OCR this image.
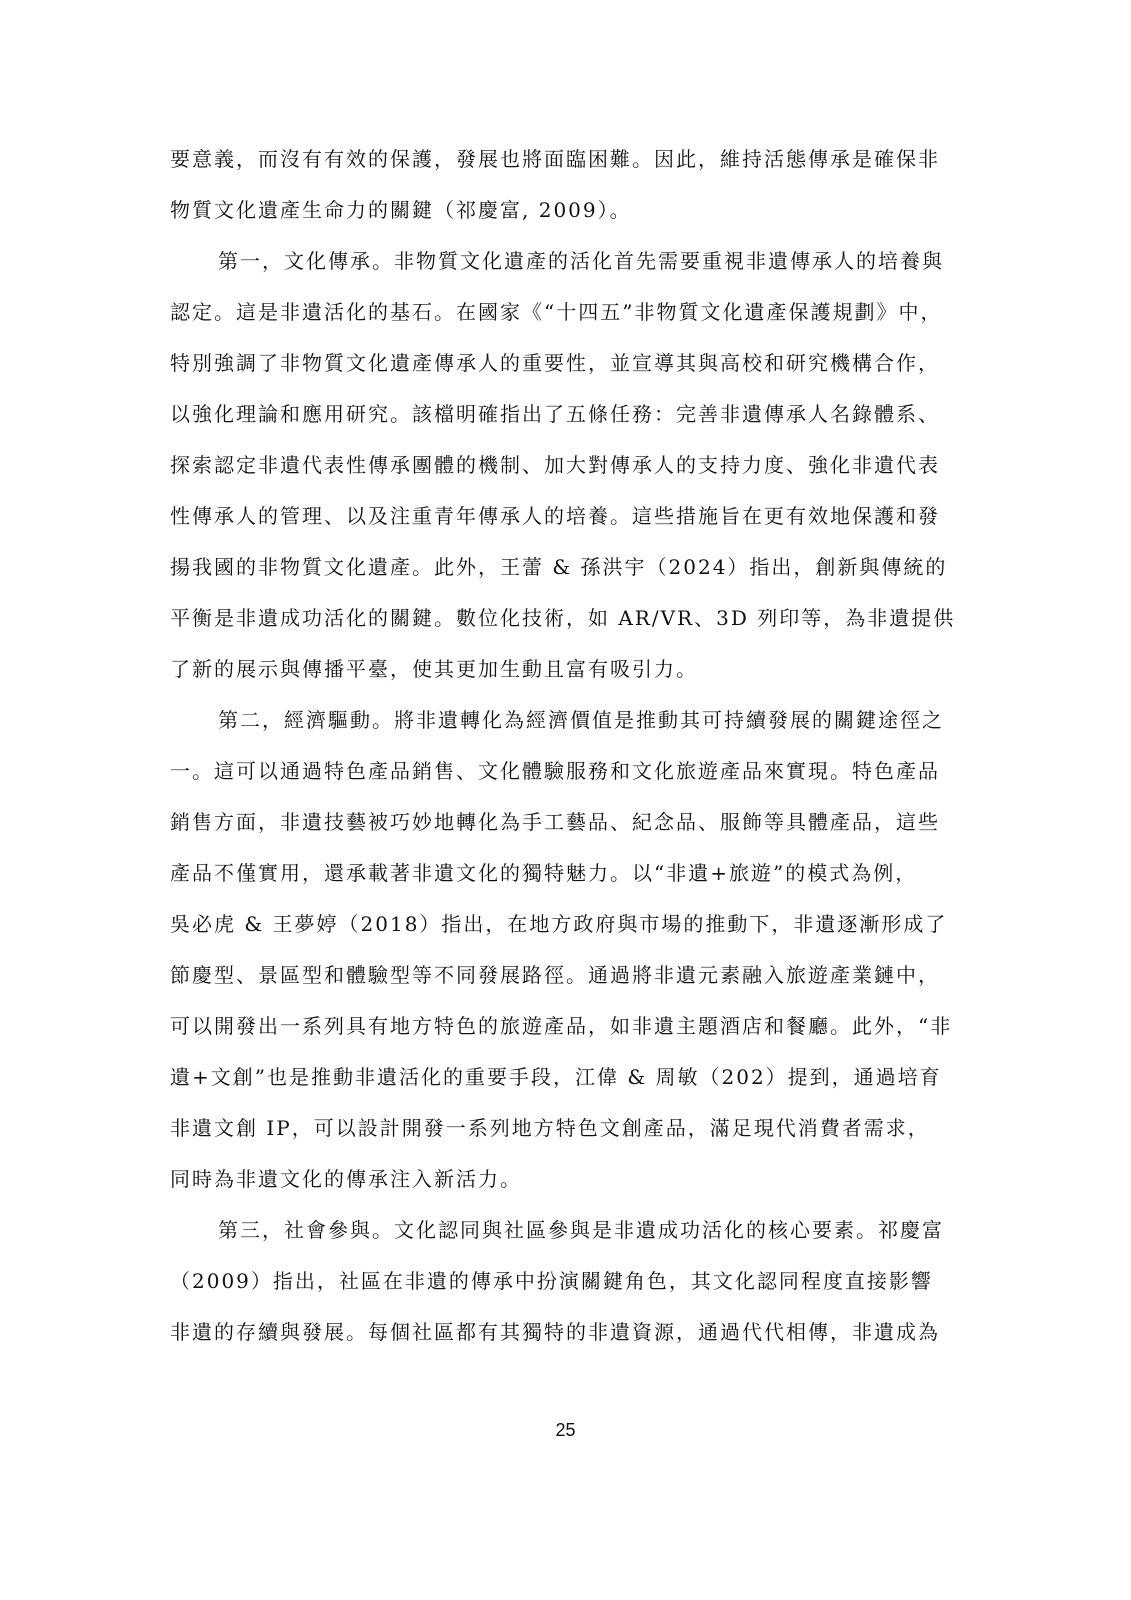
要意義，而沒有有效的保護，發展也將面臨困難。因此，維持活態傳承是確保非
物質文化遺產生命力的關鍵（祁慶富, 2009）。
第一，文化傳承。非物質文化遺產的活化首先需要重視非遺傳承人的培養與
認定。這是非遺活化的基石。在國家《“十四五”非物質文化遺產保護規劃》中，
特別強調了非物質文化遺產傳承人的重要性，並宣導其與高校和研究機構合作，
以強化理論和應用研究。該檔明確指出了五條任務：完善非遺傳承人名錄體系、
探索認定非遺代表性傳承團體的機制、加大對傳承人的支持力度、強化非遺代表
性傳承人的管理、以及注重青年傳承人的培養。這些措施旨在更有效地保護和發
揚我國的非物質文化遺產。此外，王蕾 & 孫洪宇（2024）指出，創新與傳統的
平衡是非遺成功活化的關鍵。數位化技術，如 AR/VR、3D 列印等，為非遺提供
了新的展示與傳播平臺，使其更加生動且富有吸引力。
第二，經濟驅動。將非遺轉化為經濟價值是推動其可持續發展的關鍵途徑之
一。這可以通過特色產品銷售、文化體驗服務和文化旅遊產品來實現。特色產品
銷售方面，非遺技藝被巧妙地轉化為手工藝品、紀念品、服飾等具體產品，這些
產品不僅實用，還承載著非遺文化的獨特魅力。以“非遺+旅遊”的模式為例，
吳必虎 & 王夢婷（2018）指出，在地方政府與市場的推動下，非遺逐漸形成了
節慶型、景區型和體驗型等不同發展路徑。通過將非遺元素融入旅遊產業鏈中，
可以開發出一系列具有地方特色的旅遊產品，如非遺主題酒店和餐廳。此外，“非
遺+文創”也是推動非遺活化的重要手段，江偉 & 周敏（202）提到，通過培育
非遺文創 IP，可以設計開發一系列地方特色文創產品，滿足現代消費者需求，
同時為非遺文化的傳承注入新活力。
第三，社會參與。文化認同與社區參與是非遺成功活化的核心要素。祁慶富
（2009）指出，社區在非遺的傳承中扮演關鍵角色，其文化認同程度直接影響
非遺的存續與發展。每個社區都有其獨特的非遺資源，通過代代相傳，非遺成為
25
